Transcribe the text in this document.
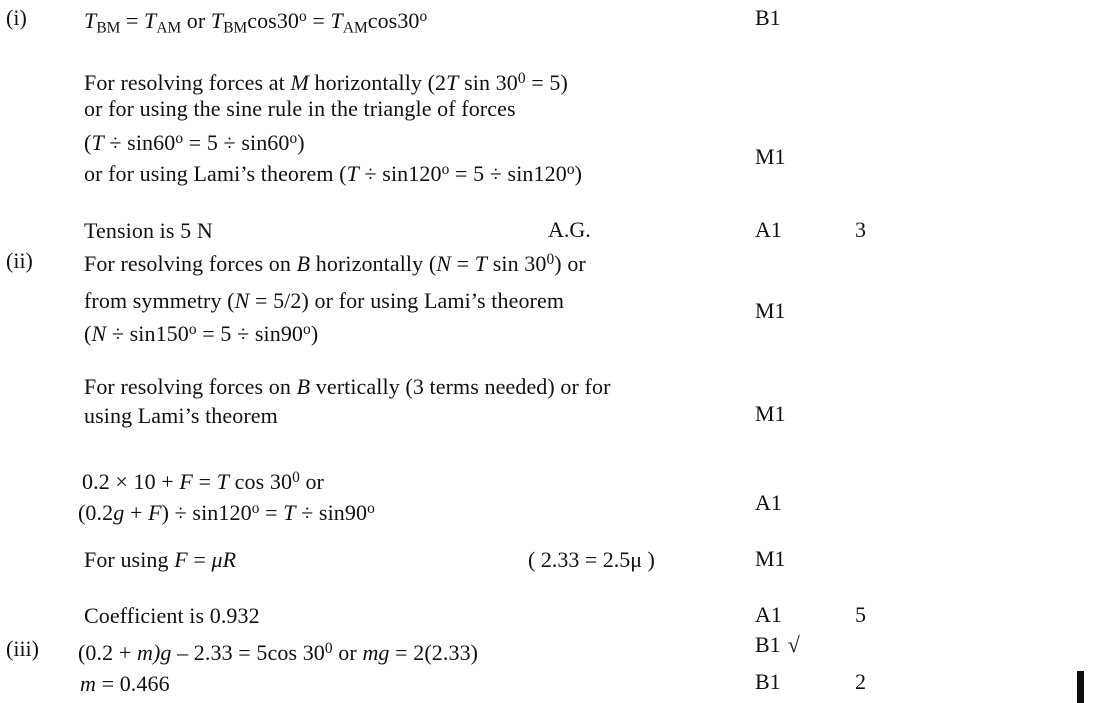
(i)	$T_{BM} = T_{AM}$ or $T_{BM}\cos 30^o = T_{AM}\cos 30^o$	B1
For resolving forces at M horizontally (2T $\sin 30^0 = 5$)
or for using the sine rule in the triangle of forces
$(T \div \sin 60^o = 5 \div \sin 60^o)$
or for using Lami’s theorem $(T \div \sin 120^o = 5 \div \sin 120^o)$
M1
Tension is 5 N	A.G.	A1	3
(ii) For resolving forces on B horizontally (N = T $\sin 30^0$) or
from symmetry (N = 5/2) or for using Lami’s theorem
$(N \div \sin 150^o = 5 \div \sin 90^o)$
M1
For resolving forces on B vertically (3 terms needed) or for
using Lami’s theorem	M1
0.2 × 10 + F = T $\cos 30^0$ or
$(0.2g + F) \div \sin 120^o = T \div \sin 90^o$	A1
For using F = μR	( 2.33 = 2.5μ )	M1
Coefficient is 0.932	A1	5
(iii) (0.2 + m)g – 2.33 = 5cos $30^0$ or mg = 2(2.33)	B1 √
m = 0.466	B1	2
